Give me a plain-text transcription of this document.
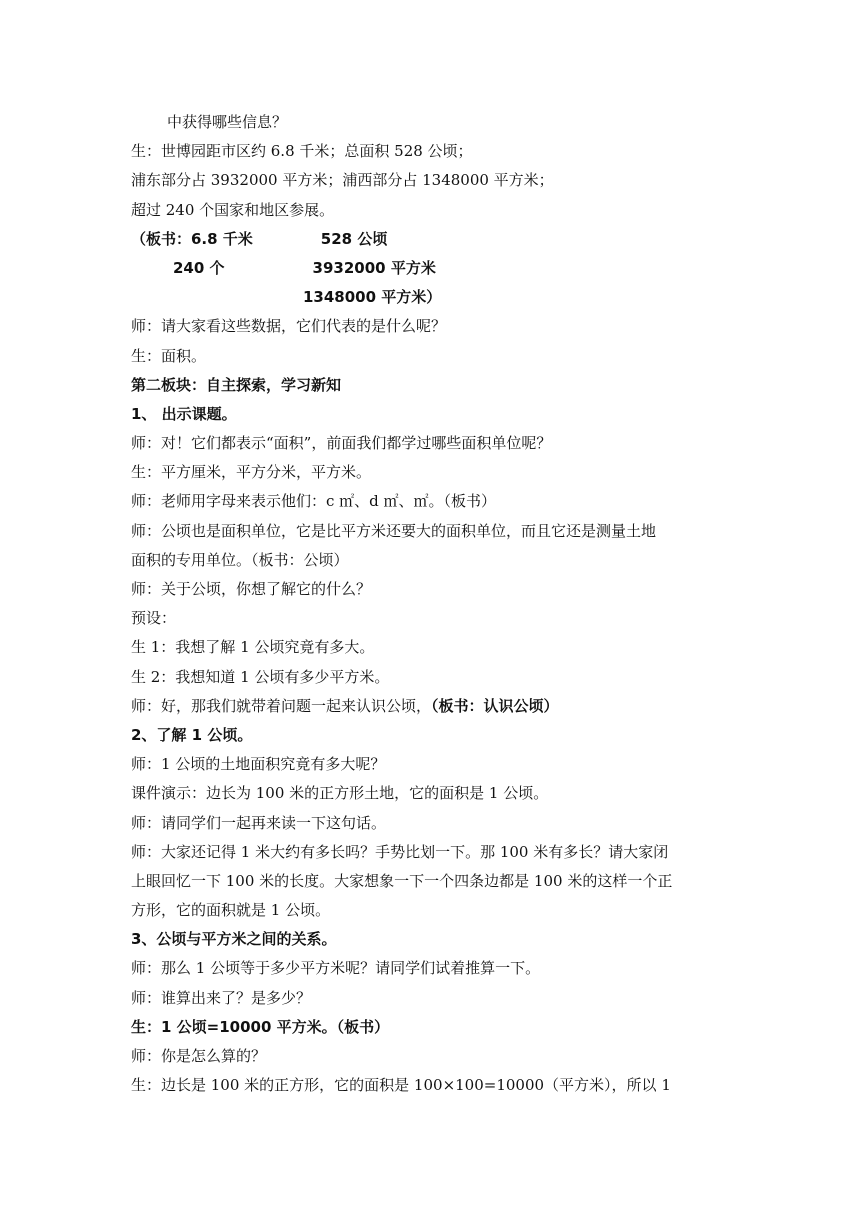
中获得哪些信息？
生：世博园距市区约 6.8 千米；总面积 528 公顷；
浦东部分占 3932000 平方米；浦西部分占 1348000 平方米；
超过 240 个国家和地区参展。
（板书：6.8 千米	528 公顷
240 个	3932000 平方米
1348000 平方米）
师：请大家看这些数据，它们代表的是什么呢？
生：面积。
第二板块：自主探索，学习新知
1、 出示课题。
师：对！它们都表示“面积”，前面我们都学过哪些面积单位呢？
生：平方厘米，平方分米，平方米。
师：老师用字母来表示他们：c ㎡、d ㎡、㎡。（板书）
师：公顷也是面积单位，它是比平方米还要大的面积单位，而且它还是测量土地
面积的专用单位。（板书：公顷）
师：关于公顷，你想了解它的什么？
预设：
生 1：我想了解 1 公顷究竟有多大。
生 2：我想知道 1 公顷有多少平方米。
师：好，那我们就带着问题一起来认识公顷，（板书：认识公顷）
2、了解 1 公顷。
师：1 公顷的土地面积究竟有多大呢？
课件演示：边长为 100 米的正方形土地，它的面积是 1 公顷。
师：请同学们一起再来读一下这句话。
师：大家还记得 1 米大约有多长吗？手势比划一下。那 100 米有多长？请大家闭
上眼回忆一下 100 米的长度。大家想象一下一个四条边都是 100 米的这样一个正
方形，它的面积就是 1 公顷。
3、公顷与平方米之间的关系。
师：那么 1 公顷等于多少平方米呢？请同学们试着推算一下。
师：谁算出来了？是多少？
生：1 公顷=10000 平方米。（板书）
师：你是怎么算的？
生：边长是 100 米的正方形，它的面积是 100×100=10000（平方米），所以 1
